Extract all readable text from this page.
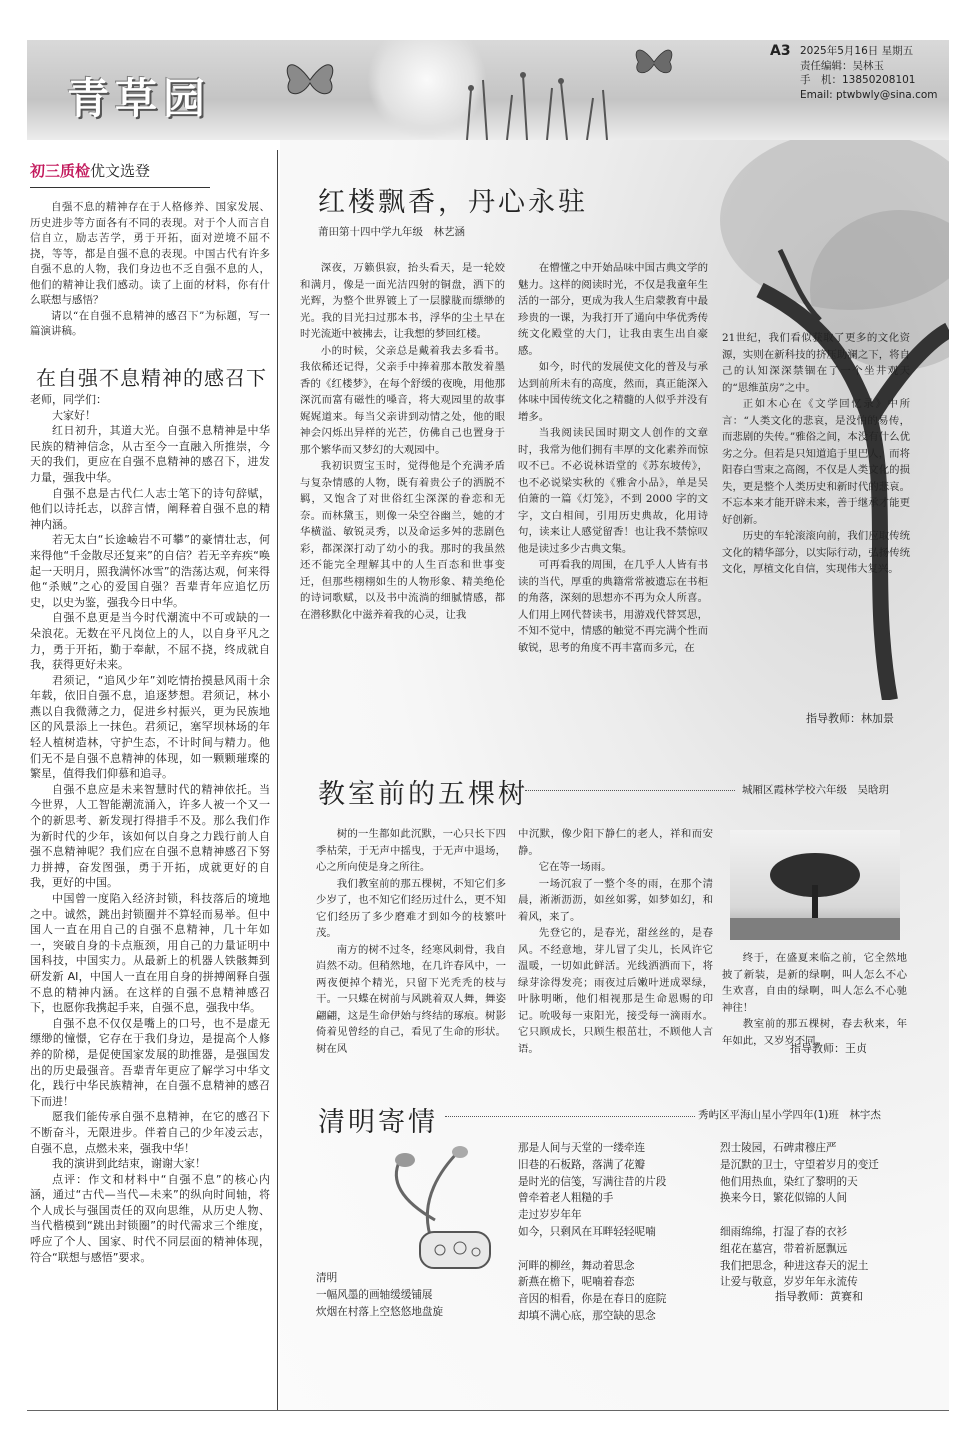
青草园
A3 2025年5月16日 星期五
责任编辑：吴林玉
手　机：13850208101
Email: ptwbwly@sina.com
初三质检优文选登
自强不息的精神存在于人格修养、国家发展、历史进步等方面各有不同的表现。对于个人而言自信自立，励志苦学，勇于开拓，面对逆境不屈不挠，等等，都是自强不息的表现。中国古代有许多自强不息的人物，我们身边也不乏自强不息的人，他们的精神让我们感动。读了上面的材料，你有什么联想与感悟？
请以“在自强不息精神的感召下”为标题，写一篇演讲稿。
在自强不息精神的感召下

老师，同学们：

大家好！

红日初升，其道大光。自强不息精神是中华民族的精神信念，从古至今一直融入所推崇，今天的我们，更应在自强不息精神的感召下，进发力量，强我中华。

自强不息是古代仁人志士笔下的诗句辞赋，他们以诗托志，以辞言情，阐释着自强不息的精神内涵。

若无太白“长途嶮岩不可攀”的豪情壮志，何来得他“千金散尽还复来”的自信？若无辛弃疾“唤起一天明月，照我满怀冰雪”的浩荡达观，何来得他“杀贼”之心的爱国自强？吾辈青年应追忆历史，以史为鉴，强我今日中华。

自强不息更是当今时代潮流中不可或缺的一朵浪花。无数在平凡岗位上的人，以自身平凡之力，勇于开拓，勤于奉献，不屈不挠，终成就自我，获得更好未来。

君须记，“追风少年”刘吃情抬摸悬风雨十余年载，依旧自强不息，追逐梦想。君须记，林小燕以自我微薄之力，促进乡村振兴，更为民族地区的风景添上一抹色。君须记，塞罕坝林场的年轻人植树造林，守护生态，不计时间与精力。他们无不是自强不息精神的体现，如一颗颗璀璨的繁星，值得我们仰慕和追寻。

自强不息应是未来智慧时代的精神依托。当今世界，人工智能潮流涌入，许多人被一个又一个的新思考、新发现打得措手不及。那么我们作为新时代的少年，该如何以自身之力践行前人自强不息精神呢？我们应在自强不息精神感召下努力拼搏，奋发图强，勇于开拓，成就更好的自我，更好的中国。

中国曾一度陷入经济封锁，科技落后的境地之中。诚然，跳出封锁圈并不算轻而易举。但中国人一直在用自己的自强不息精神，几十年如一，突破自身的卡点瓶颈，用自己的力量证明中国科技，中国实力。从最新上的机器人铁骸舞到研发新 AI，中国人一直在用自身的拼搏阐释自强不息的精神内涵。在这样的自强不息精神感召下，也愿你我携起手来，自强不息，强我中华。

自强不息不仅仅是嘴上的口号，也不是虚无缥缈的憧憬，它存在于我们身边，是提高个人修养的阶梯，是促使国家发展的助推器，是强国发出的历史最强音。吾辈青年更应了解学习中华文化，践行中华民族精神，在自强不息精神的感召下而进！

愿我们能传承自强不息精神，在它的感召下不断奋斗，无限进步。伴着自己的少年凌云志，自强不息，点燃未来，强我中华！

我的演讲到此结束，谢谢大家！

点评：作文和材料中“自强不息”的核心内涵，通过“古代—当代—未来”的纵向时间轴，将个人成长与强国责任的双向思维，从历史人物、当代楷模到“跳出封锁圈”的时代需求三个维度，呼应了个人、国家、时代不同层面的精神体现，符合“联想与感悟”要求。

红楼飘香，丹心永驻
莆田第十四中学九年级　林艺涵

深夜，万籁俱寂，抬头看天，是一轮姣和满月，像是一面光洁四射的铜盘，洒下的光辉，为整个世界镀上了一层朦胧而缥缈的光。我的目光扫过那本书，浮华的尘土早在时光流逝中被拂去，让我想的梦回红楼。

小的时候，父亲总是戴着我去多看书。我依稀还记得，父亲手中捧着那本散发着墨香的《红楼梦》，在每个舒缓的夜晚，用他那深沉而富有磁性的嗓音，将大观园里的故事娓娓道来。每当父亲讲到动情之处，他的眼神会闪烁出异样的光芒，仿佛自己也置身于那个繁华而又梦幻的大观园中。

我初识贾宝玉时，觉得他是个充满矛盾与复杂情感的人物，既有着贵公子的洒脱不羁，又饱含了对世俗红尘深深的眷恋和无奈。而林黛玉，则像一朵空谷幽兰，她的才华横溢、敏锐灵秀，以及命运多舛的悲剧色彩，都深深打动了幼小的我。那时的我虽然还不能完全理解其中的人生百态和世事变迁，但那些栩栩如生的人物形象、精美绝伦的诗词歌赋，以及书中流淌的细腻情感，都在潜移默化中滋养着我的心灵，让我

在懵懂之中开始品味中国古典文学的魅力。这样的阅读时光，不仅是我童年生活的一部分，更成为我人生启蒙教育中最珍贵的一课，为我打开了通向中华优秀传统文化殿堂的大门，让我由衷生出自豪感。

如今，时代的发展使文化的普及与承达到前所未有的高度，然而，真正能深入体味中国传统文化之精髓的人似乎并没有增多。

当我阅读民国时期文人创作的文章时，我常为他们拥有丰厚的文化素养而惊叹不已。不必说林语堂的《苏东坡传》，也不必说梁实秋的《雅舍小品》，单是吴伯箫的一篇《灯笼》，不到 2000 字的文字，文白相间，引用历史典故，化用诗句，读来让人感觉留香！也让我不禁惊叹他是读过多少古典文集。

可再看我的周围，在几乎人人皆有书读的当代，厚重的典籍常常被遗忘在书柜的角落，深刻的思想亦不再为众人所喜。人们用上网代替读书，用游戏代替冥思，不知不觉中，情感的触觉不再完满个性而敏锐，思考的角度不再丰富而多元，在

21世纪，我们看似获取了更多的文化资源，实则在新科技的挤压助澜之下，将自己的认知深深禁锢在了一个坐井观天的“思维茧房”之中。

正如木心在《文学回忆录》中所言：“人类文化的悲哀，是没怕的易传，而悲剧的失传。”雅俗之间，本没有什么优劣之分。但若是只知道追于里巴人，而将阳春白雪束之高阁，不仅是人类文化的损失，更是整个人类历史和新时代的悲哀。不忘本来才能开辟未来，善于继承才能更好创新。

历史的车轮滚滚向前，我们应取传统文化的精华部分，以实际行动，弘扬传统文化，厚植文化自信，实现伟大复兴。

指导教师：林加景
教室前的五棵树	城厢区霞林学校六年级　吴晗玥

树的一生都如此沉默，一心只长下四季枯荣，于无声中摇曳，于无声中退场，心之所向使是身之所往。

我们教室前的那五棵树，不知它们多少岁了，也不知它们经历过什么，更不知它们经历了多少磨难才到如今的枝繁叶茂。

南方的树不过冬，经寒风刺骨，我自岿然不动。但稍然地，在几许春风中，一两夜便掉个精光，只留下光秃秃的枝与干。一只蝶在树前与风跳着双人舞，舞姿翩翩，这是生命伊始与终结的琢痕。树影倚着见曾经的自己，看见了生命的形状。树在风

中沉默，像少阳下静仁的老人，祥和而安静。

它在等一场雨。

一场沉寂了一整个冬的雨，在那个清晨，淅淅沥沥，如丝如雾，如梦如幻，和着风，来了。

先登它的，是春光，甜丝丝的，是春风。不经意地，芽儿冒了尖儿，长风许它温暖，一切如此鲜活。光线洒洒而下，将绿芽涂得发亮；雨夜过后嫩叶迸成翠绿，叶脉明晰，他们相视那是生命恩赐的印记。吮吸每一束阳光，接受每一滴雨水。它只顾成长，只顾生根茁壮，不顾他人言语。

终于，在盛夏来临之前，它全然地披了新装，是新的绿啊，叫人怎么不心生欢喜，自由的绿啊，叫人怎么不心驰神往！

教室前的那五棵树，春去秋来，年年如此，又岁岁不同。

指导教师：王贞
清明寄情	秀屿区平海山星小学四年(1)班　林宇杰
清明
一幅风墨的画轴缓缓铺展
炊烟在村落上空悠悠地盘旋
那是人间与天堂的一缕牵连
旧巷的石板路，落满了花瓣
是时光的信笺，写满往昔的片段
曾牵着老人粗糙的手
走过岁岁年年
如今，只剩风在耳畔轻轻呢喃

河畔的柳丝，舞动着思念
新燕在檐下，呢喃着春恋
音因的相看，你是在春日的庭院
却填不满心底，那空缺的思念
烈士陵园，石碑肃穆庄严
是沉默的卫士，守望着岁月的变迁
他们用热血，染红了黎明的天
换来今日，繁花似锦的人间

细雨绵绵，打湿了春的衣衫
组花在墓宫，带着祈愿飘远
我们把思念，种进这春天的泥土
让爱与敬意，岁岁年年永流传
指导教师：黄赛和
